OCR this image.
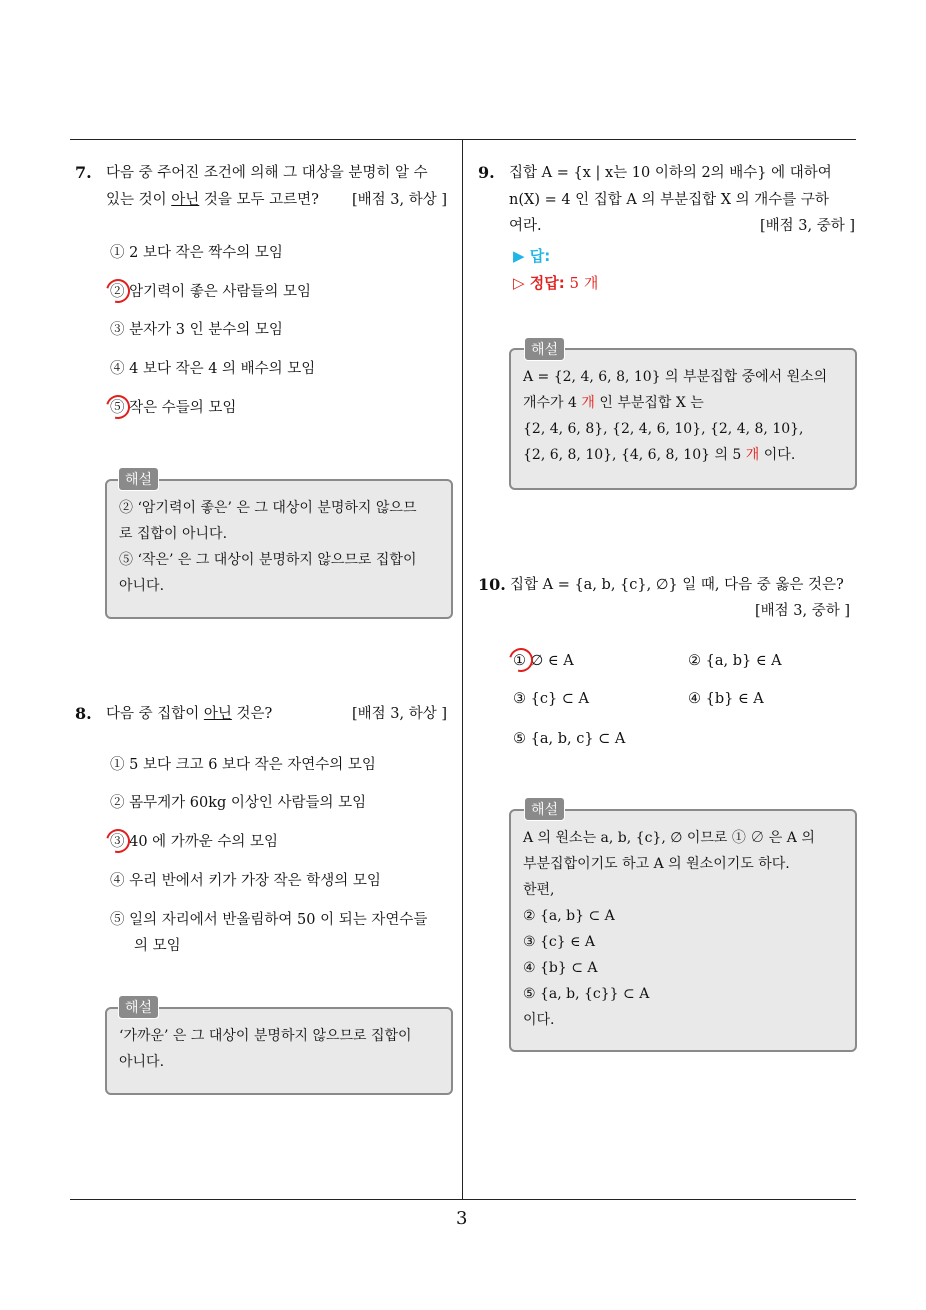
3
7. 다음 중 주어진 조건에 의해 그 대상을 분명히 알 수
있는 것이 아닌 것을 모두 고르면? [배점 3, 하상 ]
① 2 보다 작은 짝수의 모임
② 암기력이 좋은 사람들의 모임
③ 분자가 3 인 분수의 모임
④ 4 보다 작은 4 의 배수의 모임
⑤ 작은 수들의 모임
② ‘암기력이 좋은’ 은 그 대상이 분명하지 않으므
로 집합이 아니다.
⑤ ‘작은’ 은 그 대상이 분명하지 않으므로 집합이
아니다.
해설
8. 다음 중 집합이 아닌 것은?	[배점 3, 하상 ]
① 5 보다 크고 6 보다 작은 자연수의 모임
② 몸무게가 60kg 이상인 사람들의 모임
③ 40 에 가까운 수의 모임
④ 우리 반에서 키가 가장 작은 학생의 모임
⑤ 일의 자리에서 반올림하여 50 이 되는 자연수들
의 모임
‘가까운’ 은 그 대상이 분명하지 않으므로 집합이
아니다.
해설
9. 집합 A = {x | x는 10 이하의 2의 배수} 에 대하여
n(X) = 4 인 집합 A 의 부분집합 X 의 개수를 구하
여라.	[배점 3, 중하 ]
▶ 답:
▷ 정답: 5 개
A = {2, 4, 6, 8, 10} 의 부분집합 중에서 원소의
개수가 4 개 인 부분집합 X 는
{2, 4, 6, 8}, {2, 4, 6, 10}, {2, 4, 8, 10},
{2, 6, 8, 10}, {4, 6, 8, 10} 의 5 개 이다.
해설
10. 집합 A = {a, b, {c}, ∅} 일 때, 다음 중 옳은 것은?
[배점 3, 중하 ]
① ∅ ∈ A	② {a, b} ∈ A
③ {c} ⊂ A	④ {b} ∈ A
⑤ {a, b, c} ⊂ A
A 의 원소는 a, b, {c}, ∅ 이므로 ① ∅ 은 A 의
부분집합이기도 하고 A 의 원소이기도 하다.
한편,
② {a, b} ⊂ A
③ {c} ∈ A
④ {b} ⊂ A
⑤ {a, b, {c}} ⊂ A
이다.
해설
